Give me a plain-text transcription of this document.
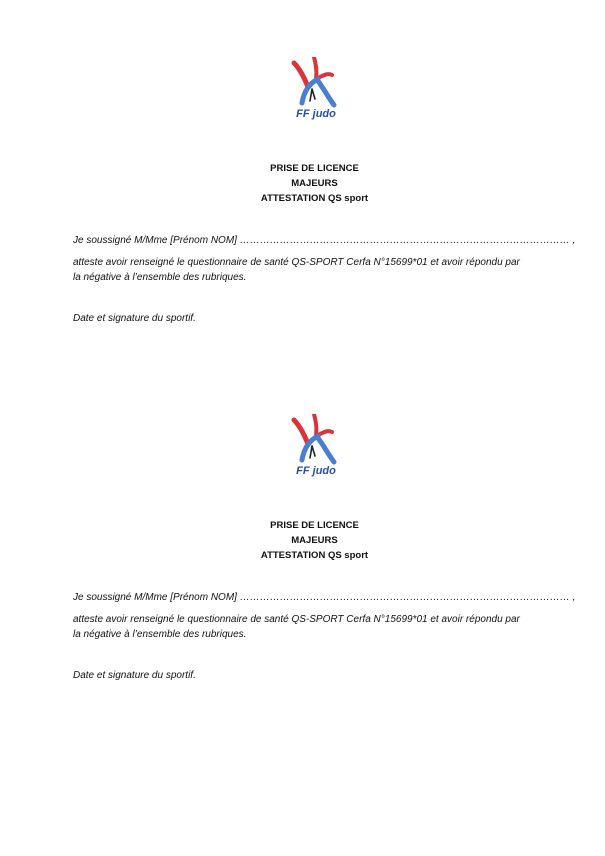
FF judo
PRISE DE LICENCE
MAJEURS
ATTESTATION QS sport
Je soussigné M/Mme [Prénom NOM] ……………………………………………………………………………………… ,
atteste avoir renseigné le questionnaire de santé QS-SPORT Cerfa N°15699*01 et avoir répondu par
la négative à l’ensemble des rubriques.
Date et signature du sportif.
FF judo
PRISE DE LICENCE
MAJEURS
ATTESTATION QS sport
Je soussigné M/Mme [Prénom NOM] ……………………………………………………………………………………… ,
atteste avoir renseigné le questionnaire de santé QS-SPORT Cerfa N°15699*01 et avoir répondu par
la négative à l’ensemble des rubriques.
Date et signature du sportif.
